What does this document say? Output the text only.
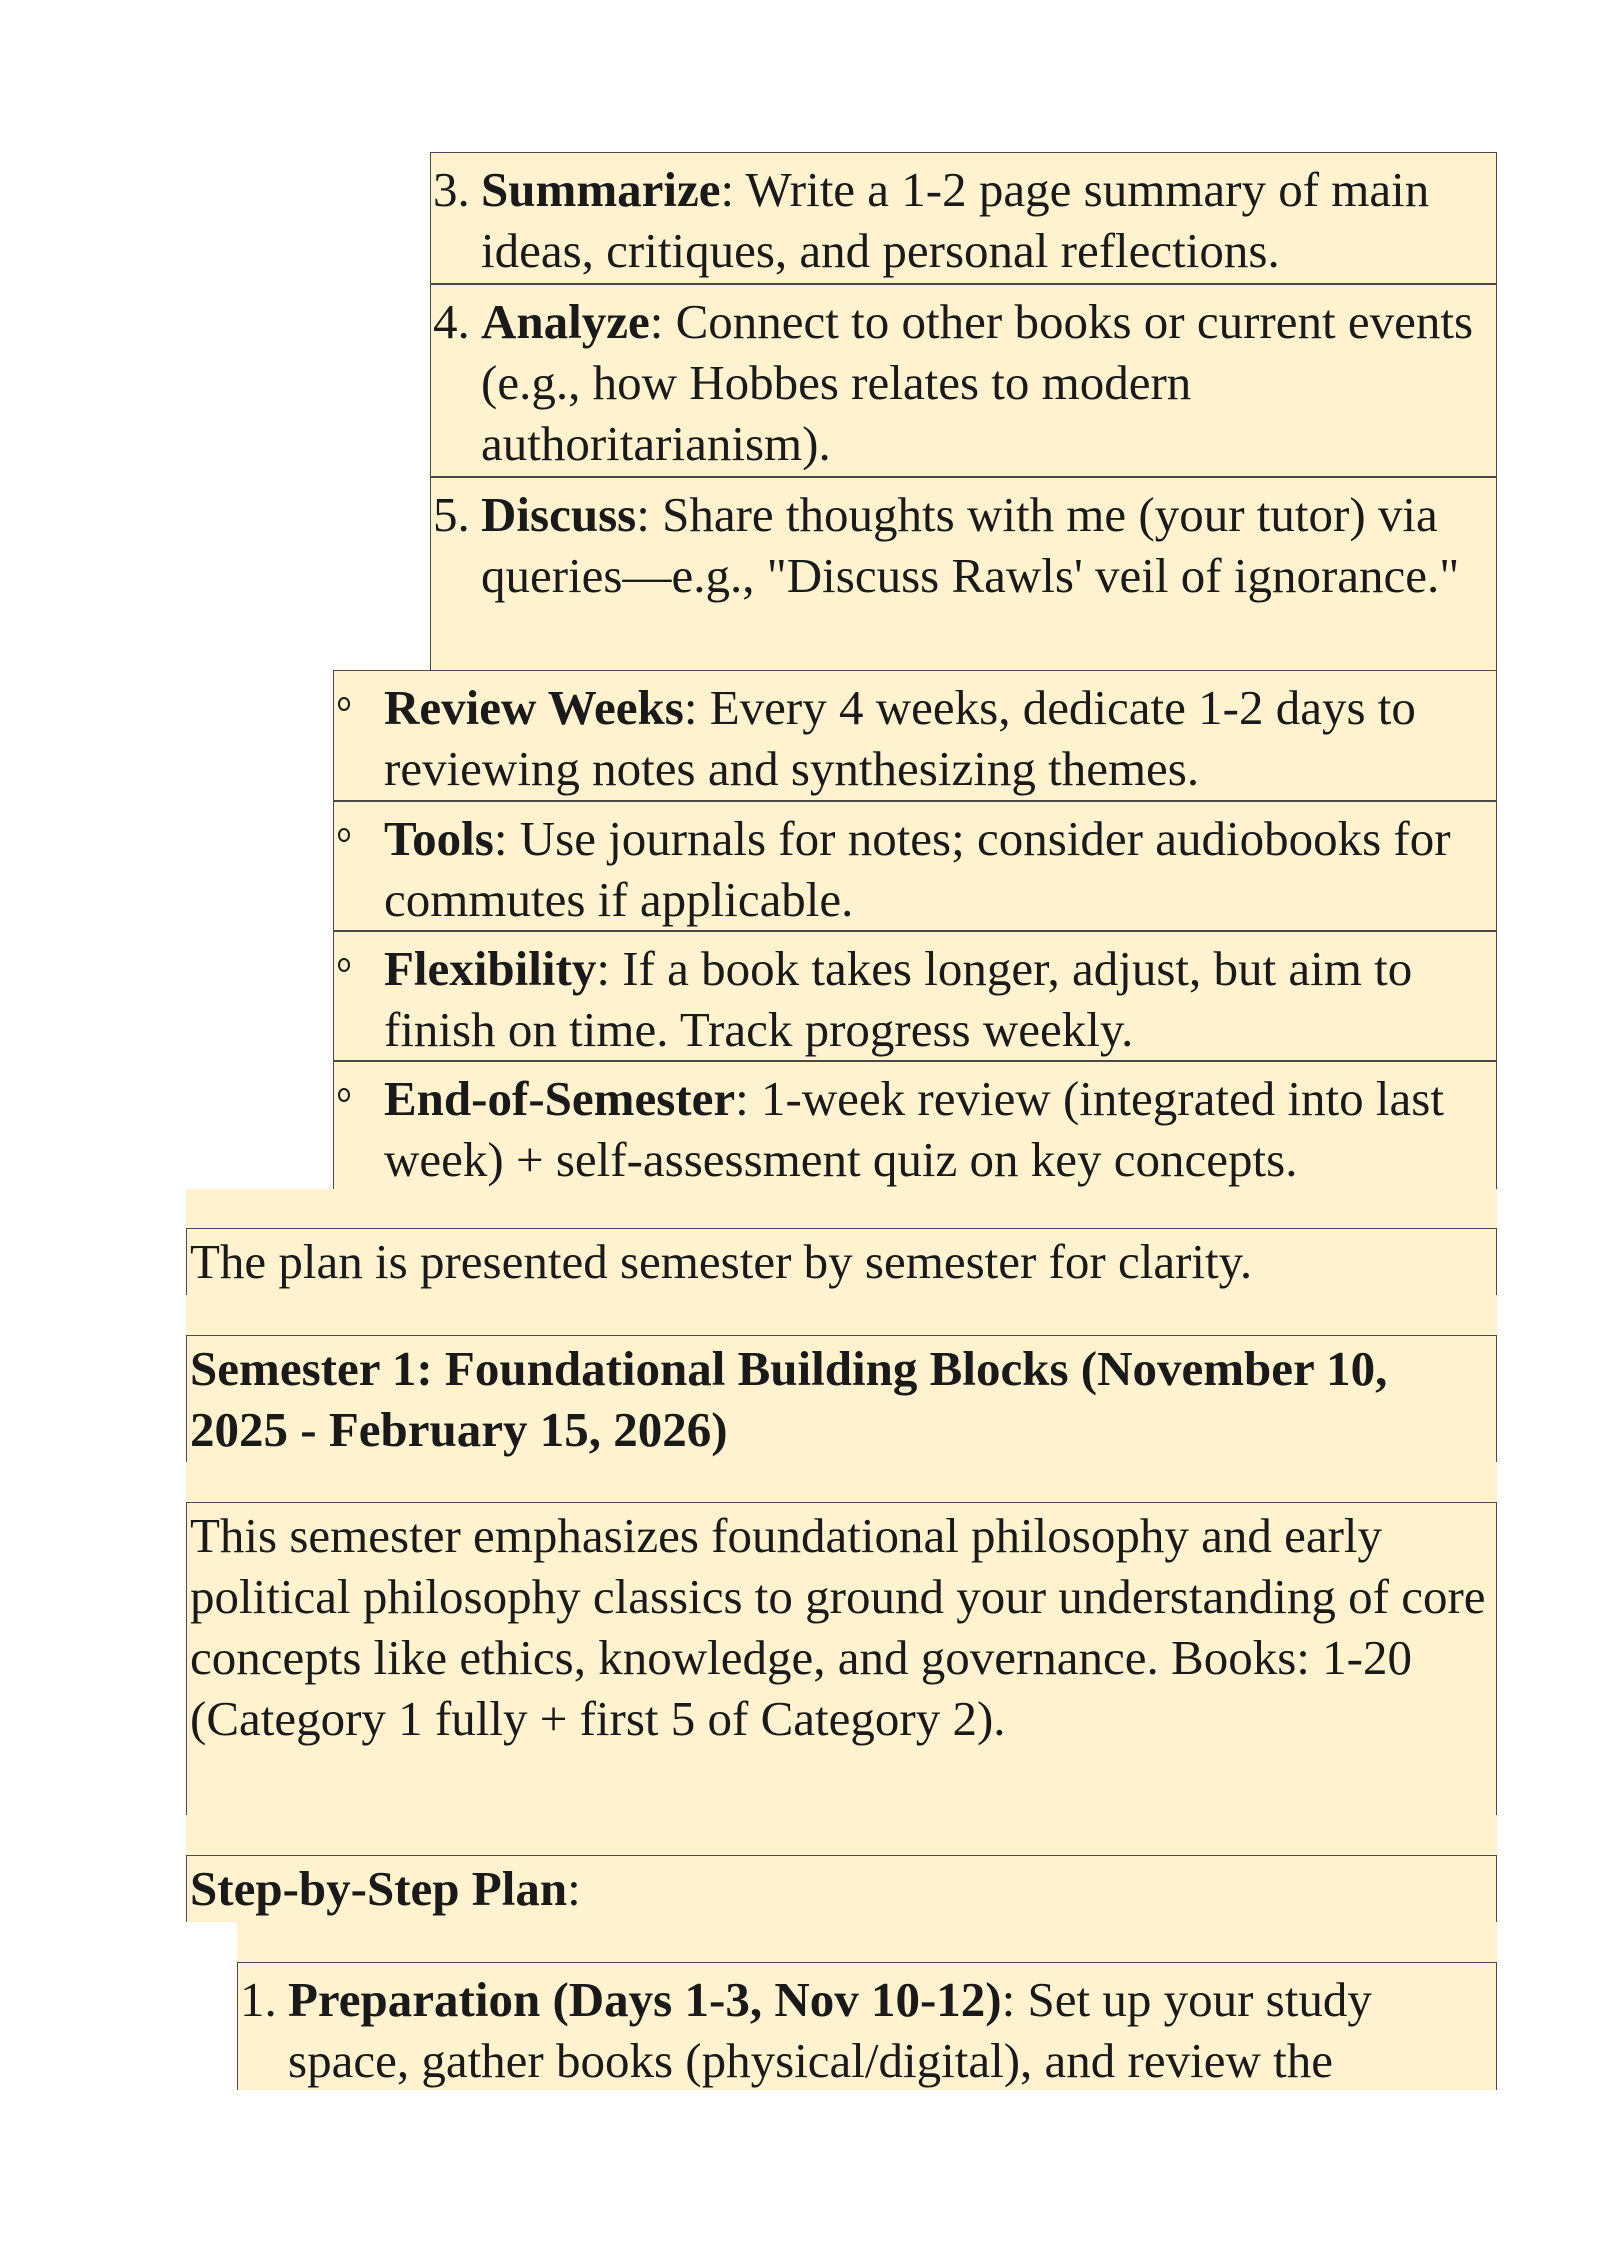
3. Summarize: Write a 1-2 page summary of main ideas, critiques, and personal reflections.
4. Analyze: Connect to other books or current events (e.g., how Hobbes relates to modern authoritarianism).
5. Discuss: Share thoughts with me (your tutor) via queries—e.g., "Discuss Rawls' veil of ignorance."
Review Weeks: Every 4 weeks, dedicate 1-2 days to reviewing notes and synthesizing themes.
Tools: Use journals for notes; consider audiobooks for commutes if applicable.
Flexibility: If a book takes longer, adjust, but aim to finish on time. Track progress weekly.
End-of-Semester: 1-week review (integrated into last week) + self-assessment quiz on key concepts.
The plan is presented semester by semester for clarity.
Semester 1: Foundational Building Blocks (November 10, 2025 - February 15, 2026)
This semester emphasizes foundational philosophy and early political philosophy classics to ground your understanding of core concepts like ethics, knowledge, and governance. Books: 1-20 (Category 1 fully + first 5 of Category 2).
Step-by-Step Plan:
1. Preparation (Days 1-3, Nov 10-12): Set up your study space, gather books (physical/digital), and review the
